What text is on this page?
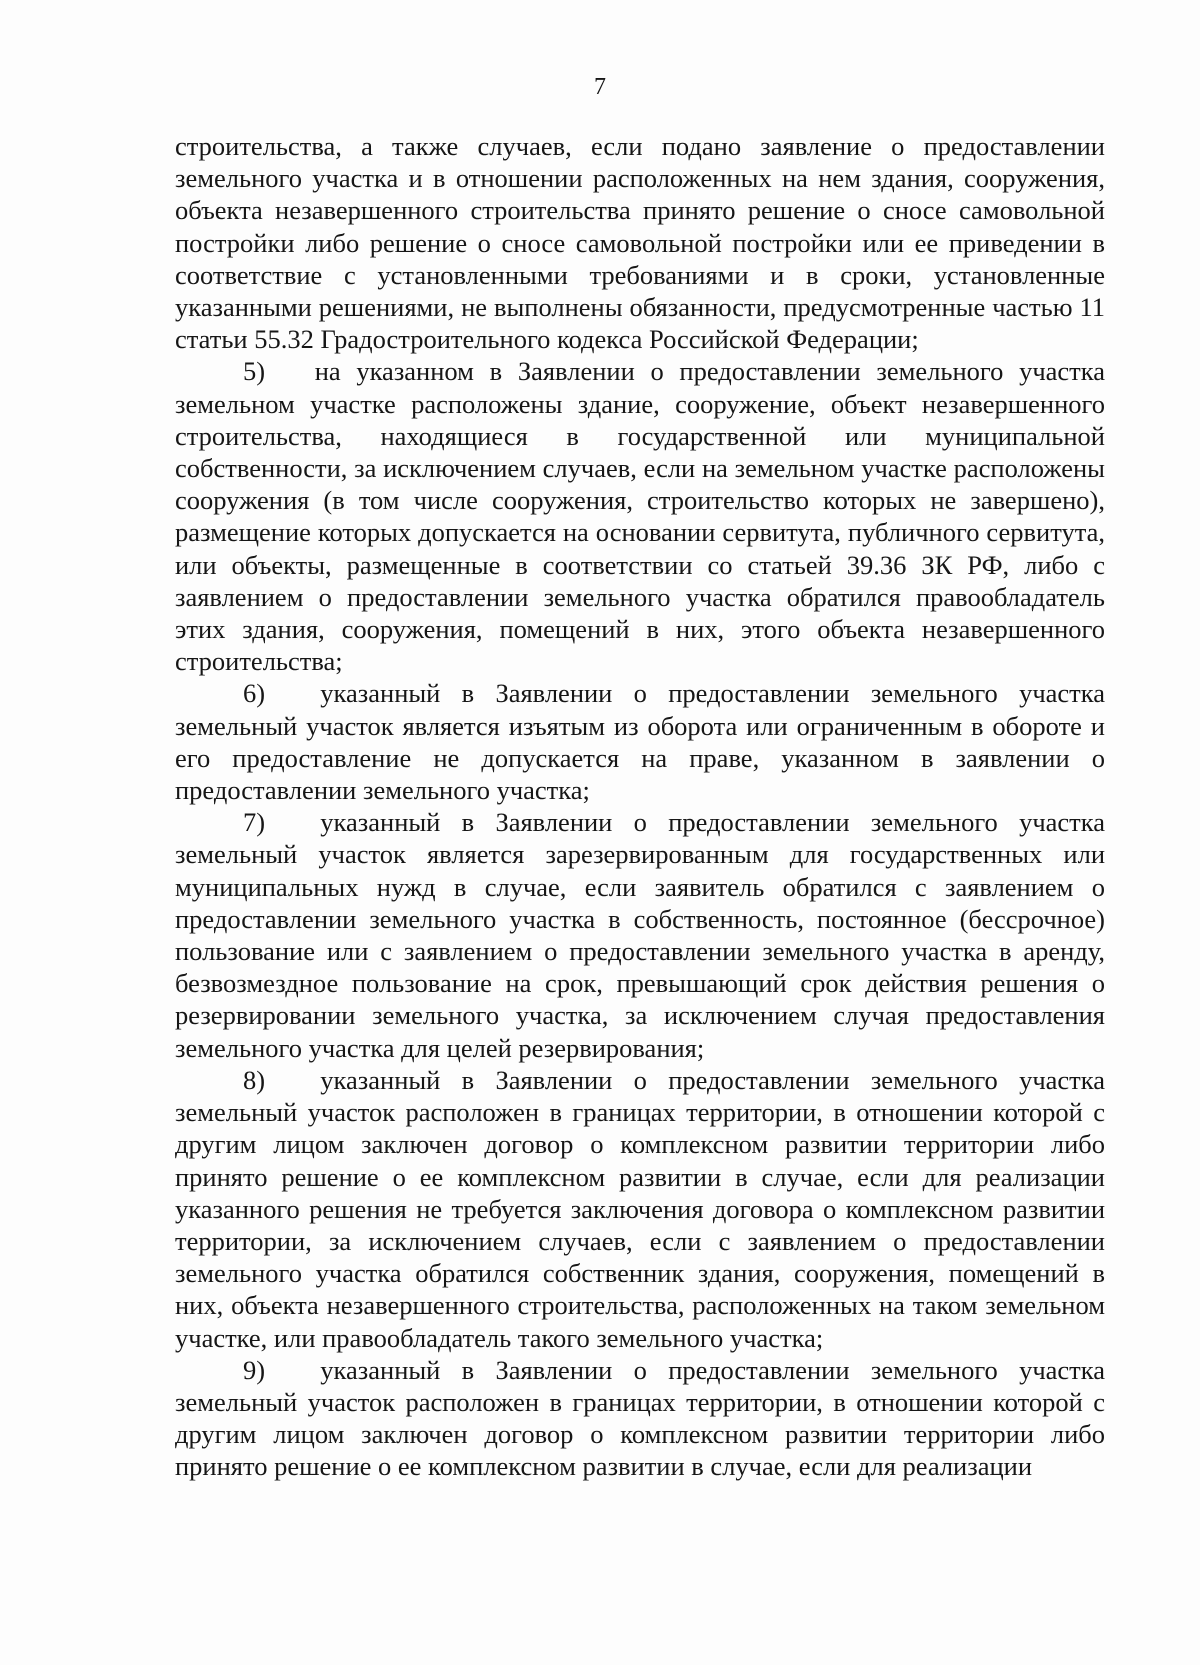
7

строительства, а также случаев, если подано заявление о предоставлении земельного участка и в отношении расположенных на нем здания, сооружения, объекта незавершенного строительства принято решение о сносе самовольной постройки либо решение о сносе самовольной постройки или ее приведении в соответствие с установленными требованиями и в сроки, установленные указанными решениями, не выполнены обязанности, предусмотренные частью 11 статьи 55.32 Градостроительного кодекса Российской Федерации;

5) на указанном в Заявлении о предоставлении земельного участка земельном участке расположены здание, сооружение, объект незавершенного строительства, находящиеся в государственной или муниципальной собственности, за исключением случаев, если на земельном участке расположены сооружения (в том числе сооружения, строительство которых не завершено), размещение которых допускается на основании сервитута, публичного сервитута, или объекты, размещенные в соответствии со статьей 39.36 ЗК РФ, либо с заявлением о предоставлении земельного участка обратился правообладатель этих здания, сооружения, помещений в них, этого объекта незавершенного строительства;

6) указанный в Заявлении о предоставлении земельного участка земельный участок является изъятым из оборота или ограниченным в обороте и его предоставление не допускается на праве, указанном в заявлении о предоставлении земельного участка;

7) указанный в Заявлении о предоставлении земельного участка земельный участок является зарезервированным для государственных или муниципальных нужд в случае, если заявитель обратился с заявлением о предоставлении земельного участка в собственность, постоянное (бессрочное) пользование или с заявлением о предоставлении земельного участка в аренду, безвозмездное пользование на срок, превышающий срок действия решения о резервировании земельного участка, за исключением случая предоставления земельного участка для целей резервирования;

8) указанный в Заявлении о предоставлении земельного участка земельный участок расположен в границах территории, в отношении которой с другим лицом заключен договор о комплексном развитии территории либо принято решение о ее комплексном развитии в случае, если для реализации указанного решения не требуется заключения договора о комплексном развитии территории, за исключением случаев, если с заявлением о предоставлении земельного участка обратился собственник здания, сооружения, помещений в них, объекта незавершенного строительства, расположенных на таком земельном участке, или правообладатель такого земельного участка;

9) указанный в Заявлении о предоставлении земельного участка земельный участок расположен в границах территории, в отношении которой с другим лицом заключен договор о комплексном развитии территории либо принято решение о ее комплексном развитии в случае, если для реализации
